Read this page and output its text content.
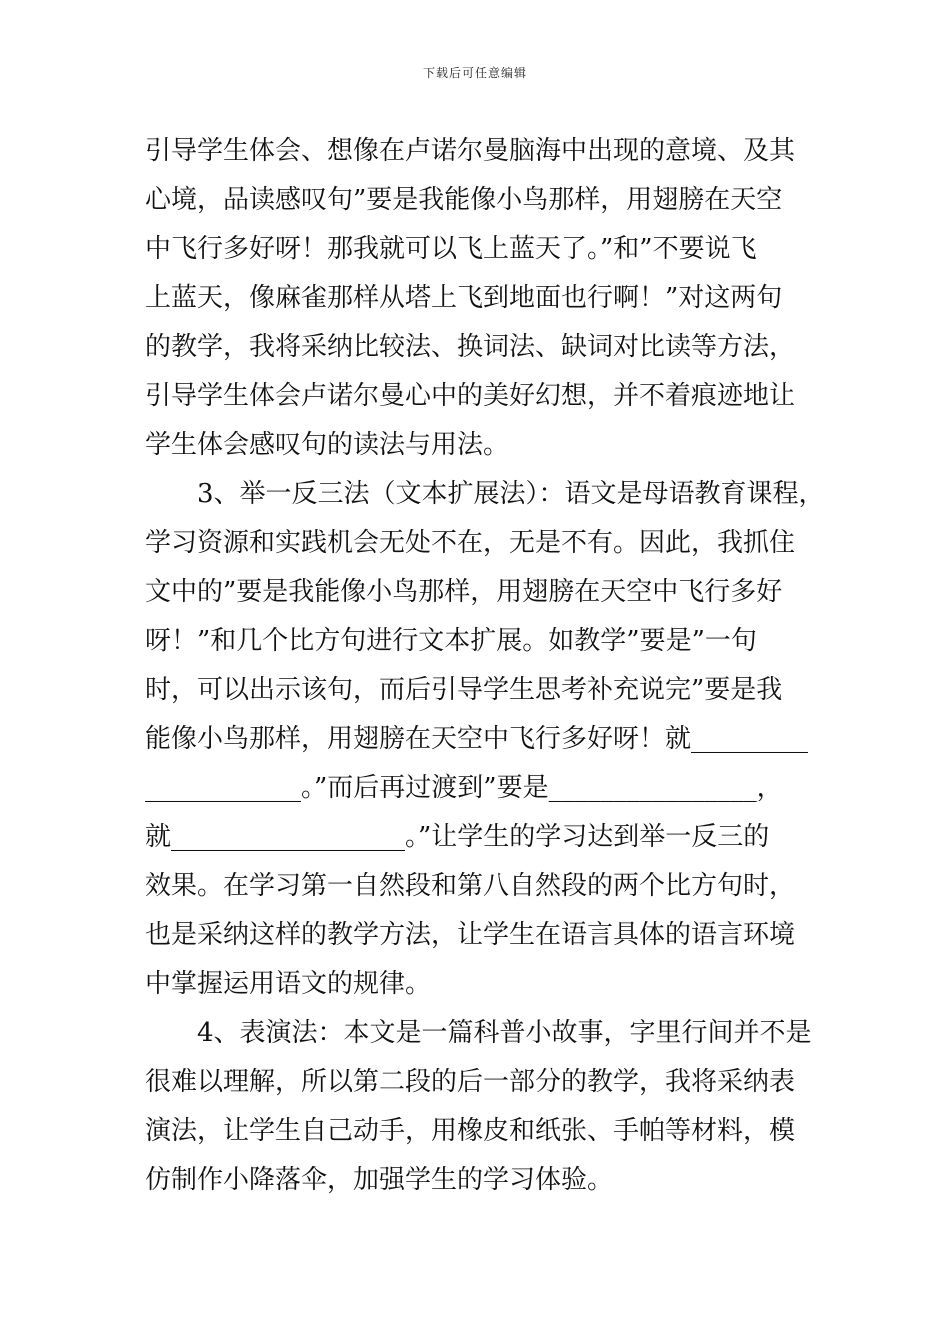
下载后可任意编辑
引导学生体会、想像在卢诺尔曼脑海中出现的意境、及其
心境，品读感叹句”要是我能像小鸟那样，用翅膀在天空
中飞行多好呀！那我就可以飞上蓝天了。”和”不要说飞
上蓝天，像麻雀那样从塔上飞到地面也行啊！”对这两句
的教学，我将采纳比较法、换词法、缺词对比读等方法，
引导学生体会卢诺尔曼心中的美好幻想，并不着痕迹地让
学生体会感叹句的读法与用法。
3、举一反三法（文本扩展法）：语文是母语教育课程，
学习资源和实践机会无处不在，无是不有。因此，我抓住
文中的”要是我能像小鸟那样，用翅膀在天空中飞行多好
呀！”和几个比方句进行文本扩展。如教学”要是”一句
时，可以出示该句，而后引导学生思考补充说完”要是我
能像小鸟那样，用翅膀在天空中飞行多好呀！就_________
____________。”而后再过渡到”要是________________，
就__________________。”让学生的学习达到举一反三的
效果。在学习第一自然段和第八自然段的两个比方句时，
也是采纳这样的教学方法，让学生在语言具体的语言环境
中掌握运用语文的规律。
4、表演法：本文是一篇科普小故事，字里行间并不是
很难以理解，所以第二段的后一部分的教学，我将采纳表
演法，让学生自己动手，用橡皮和纸张、手帕等材料，模
仿制作小降落伞，加强学生的学习体验。
